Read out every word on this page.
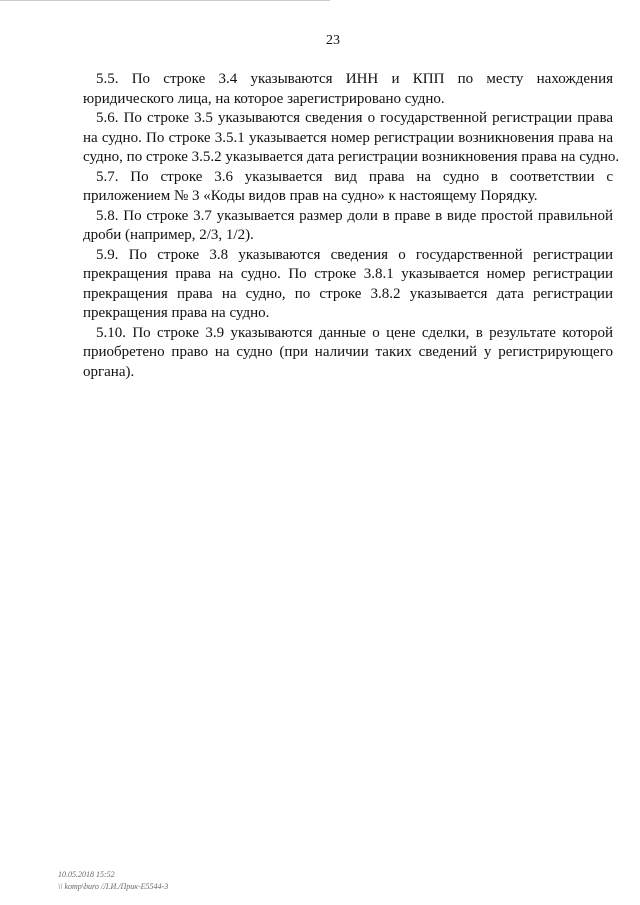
23
5.5. По строке 3.4 указываются ИНН и КПП по месту нахождения
юридического лица, на которое зарегистрировано судно.
5.6. По строке 3.5 указываются сведения о государственной регистрации права
на судно. По строке 3.5.1 указывается номер регистрации возникновения права на
судно, по строке 3.5.2 указывается дата регистрации возникновения права на судно.
5.7. По строке 3.6 указывается вид права на судно в соответствии с
приложением № 3 «Коды видов прав на судно» к настоящему Порядку.
5.8. По строке 3.7 указывается размер доли в праве в виде простой правильной
дроби (например, 2/3, 1/2).
5.9. По строке 3.8 указываются сведения о государственной регистрации
прекращения права на судно. По строке 3.8.1 указывается номер регистрации
прекращения права на судно, по строке 3.8.2 указывается дата регистрации
прекращения права на судно.
5.10. По строке 3.9 указываются данные о цене сделки, в результате которой
приобретено право на судно (при наличии таких сведений у регистрирующего
органа).
10.05.2018 15:52
\\ komp\buro /Л.И./Прик-E5544-3
